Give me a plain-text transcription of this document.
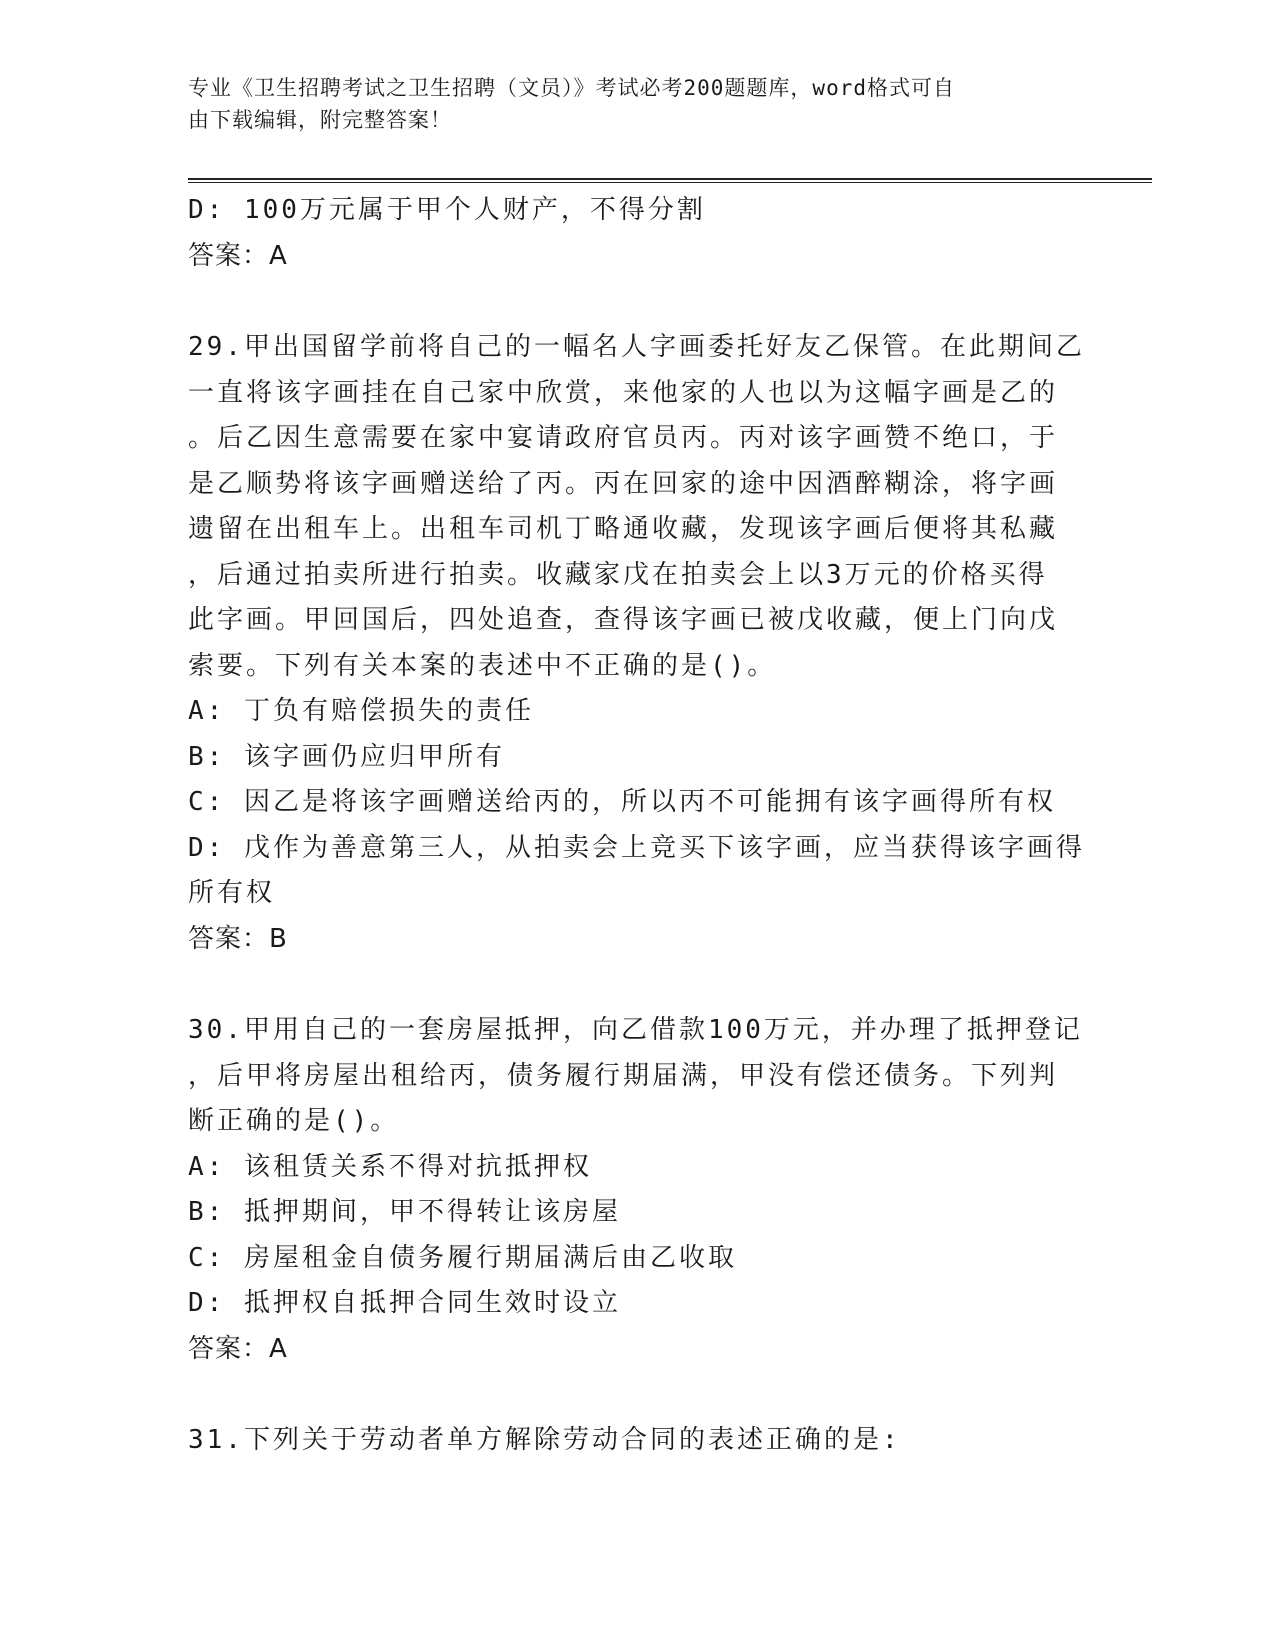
专业《卫生招聘考试之卫生招聘（文员）》考试必考200题题库，word格式可自
由下载编辑，附完整答案！
D: 100万元属于甲个人财产，不得分割
答案：A
29.甲出国留学前将自己的一幅名人字画委托好友乙保管。在此期间乙
一直将该字画挂在自己家中欣赏，来他家的人也以为这幅字画是乙的
。后乙因生意需要在家中宴请政府官员丙。丙对该字画赞不绝口，于
是乙顺势将该字画赠送给了丙。丙在回家的途中因酒醉糊涂，将字画
遗留在出租车上。出租车司机丁略通收藏，发现该字画后便将其私藏
，后通过拍卖所进行拍卖。收藏家戊在拍卖会上以3万元的价格买得
此字画。甲回国后，四处追查，查得该字画已被戊收藏，便上门向戊
索要。下列有关本案的表述中不正确的是()。
A: 丁负有赔偿损失的责任
B: 该字画仍应归甲所有
C: 因乙是将该字画赠送给丙的，所以丙不可能拥有该字画得所有权
D: 戊作为善意第三人，从拍卖会上竞买下该字画，应当获得该字画得
所有权
答案：B
30.甲用自己的一套房屋抵押，向乙借款100万元，并办理了抵押登记
，后甲将房屋出租给丙，债务履行期届满，甲没有偿还债务。下列判
断正确的是()。
A: 该租赁关系不得对抗抵押权
B: 抵押期间，甲不得转让该房屋
C: 房屋租金自债务履行期届满后由乙收取
D: 抵押权自抵押合同生效时设立
答案：A
31.下列关于劳动者单方解除劳动合同的表述正确的是:
